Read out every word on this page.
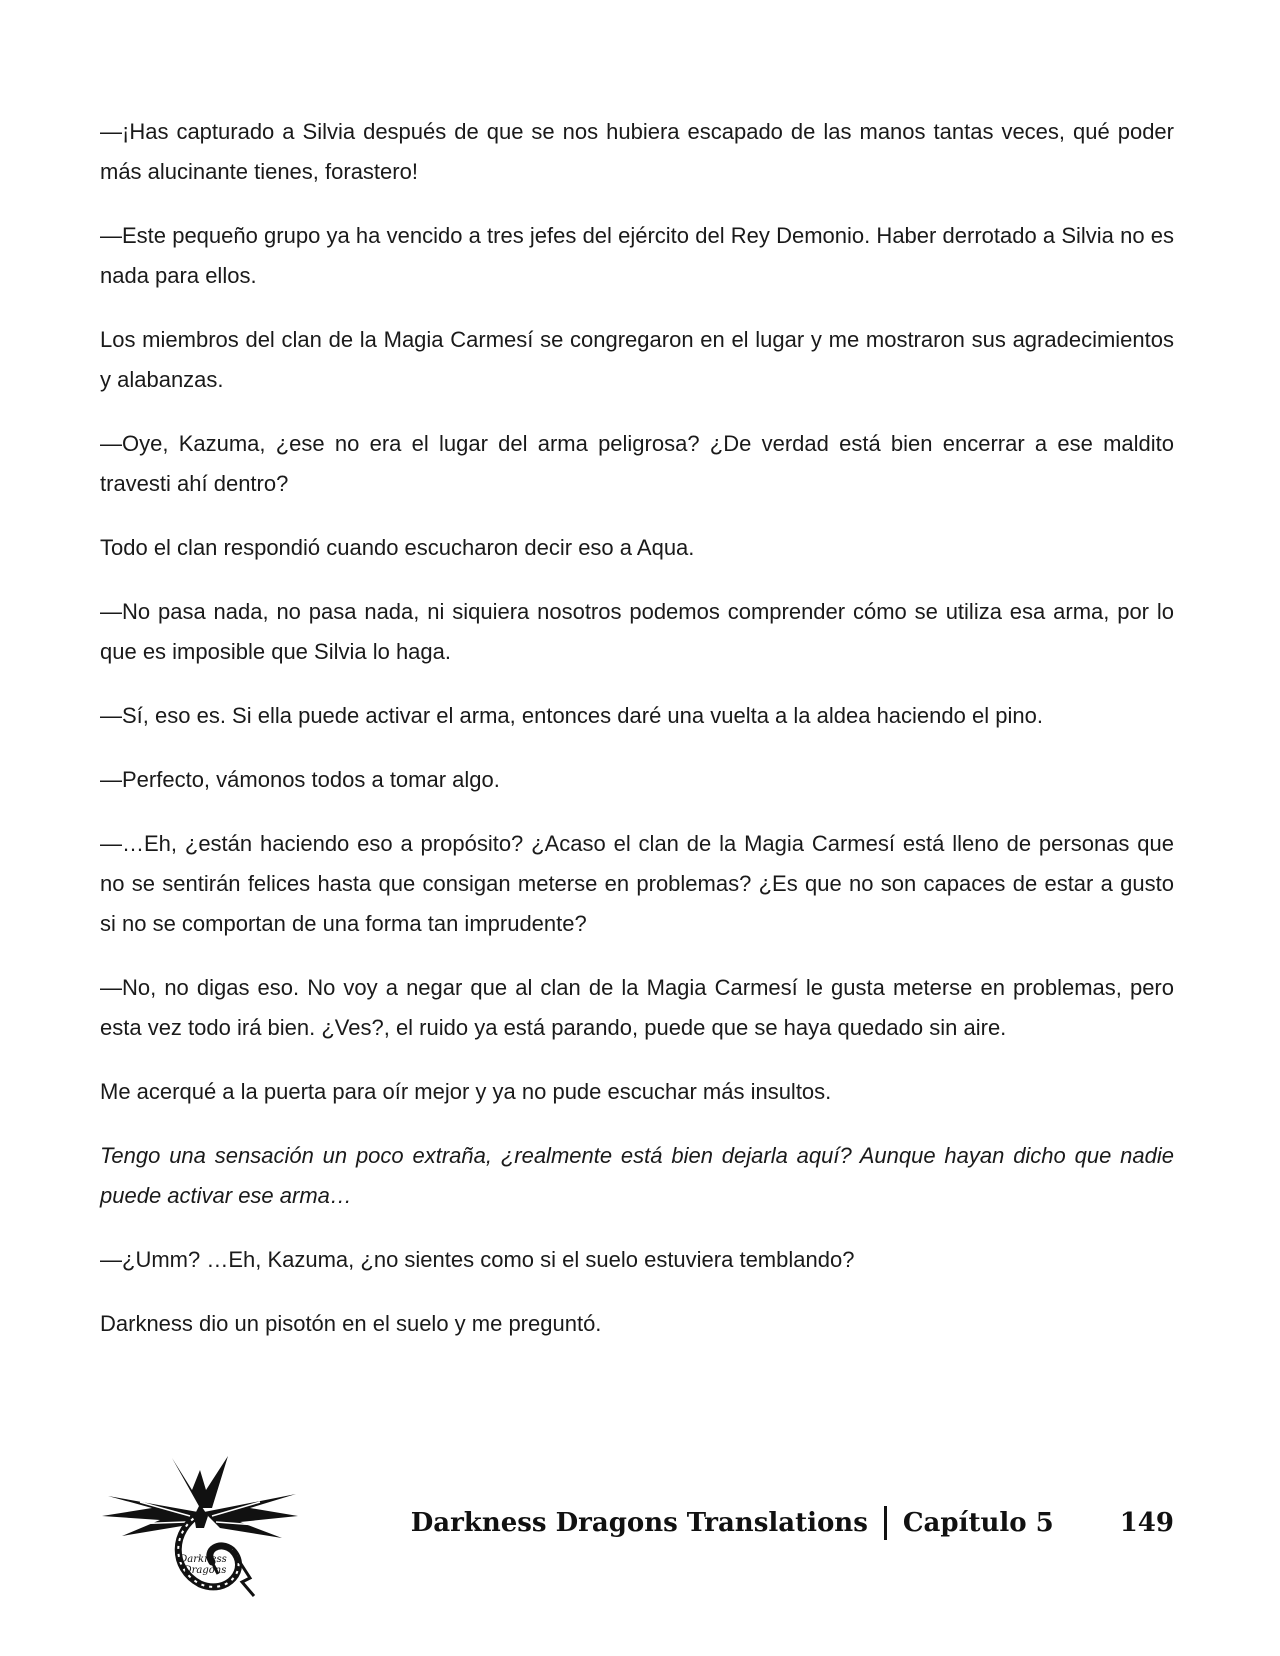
—¡Has capturado a Silvia después de que se nos hubiera escapado de las manos tantas veces, qué poder más alucinante tienes, forastero!

—Este pequeño grupo ya ha vencido a tres jefes del ejército del Rey Demonio. Haber derrotado a Silvia no es nada para ellos.

Los miembros del clan de la Magia Carmesí se congregaron en el lugar y me mostraron sus agradecimientos y alabanzas.

—Oye, Kazuma, ¿ese no era el lugar del arma peligrosa? ¿De verdad está bien encerrar a ese maldito travesti ahí dentro?

Todo el clan respondió cuando escucharon decir eso a Aqua.

—No pasa nada, no pasa nada, ni siquiera nosotros podemos comprender cómo se utiliza esa arma, por lo que es imposible que Silvia lo haga.

—Sí, eso es. Si ella puede activar el arma, entonces daré una vuelta a la aldea haciendo el pino.

—Perfecto, vámonos todos a tomar algo.

—…Eh, ¿están haciendo eso a propósito? ¿Acaso el clan de la Magia Carmesí está lleno de personas que no se sentirán felices hasta que consigan meterse en problemas? ¿Es que no son capaces de estar a gusto si no se comportan de una forma tan imprudente?

—No, no digas eso. No voy a negar que al clan de la Magia Carmesí le gusta meterse en problemas, pero esta vez todo irá bien. ¿Ves?, el ruido ya está parando, puede que se haya quedado sin aire.

Me acerqué a la puerta para oír mejor y ya no pude escuchar más insultos.

Tengo una sensación un poco extraña, ¿realmente está bien dejarla aquí? Aunque hayan dicho que nadie puede activar ese arma…

—¿Umm? …Eh, Kazuma, ¿no sientes como si el suelo estuviera temblando?

Darkness dio un pisotón en el suelo y me preguntó.

Darkness
Dragons
Darkness Dragons Translations Capítulo 5	149
